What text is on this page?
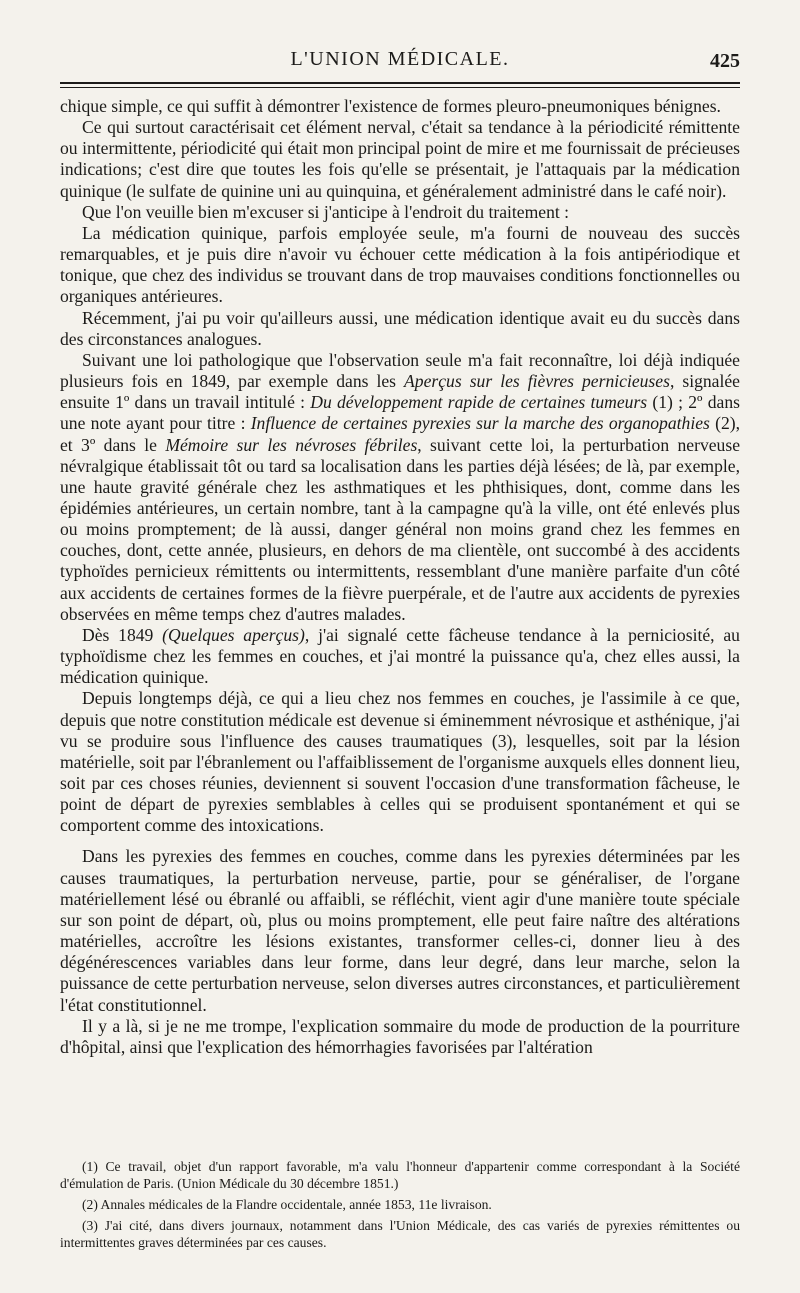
L'UNION MÉDICALE.	425

chique simple, ce qui suffit à démontrer l'existence de formes pleuro-pneumoniques bénignes.

Ce qui surtout caractérisait cet élément nerval, c'était sa tendance à la périodicité rémittente ou intermittente, périodicité qui était mon principal point de mire et me fournissait de précieuses indications; c'est dire que toutes les fois qu'elle se présentait, je l'attaquais par la médication quinique (le sulfate de quinine uni au quinquina, et généralement administré dans le café noir).

Que l'on veuille bien m'excuser si j'anticipe à l'endroit du traitement :

La médication quinique, parfois employée seule, m'a fourni de nouveau des succès remarquables, et je puis dire n'avoir vu échouer cette médication à la fois antipériodique et tonique, que chez des individus se trouvant dans de trop mauvaises conditions fonctionnelles ou organiques antérieures.

Récemment, j'ai pu voir qu'ailleurs aussi, une médication identique avait eu du succès dans des circonstances analogues.

Suivant une loi pathologique que l'observation seule m'a fait reconnaître, loi déjà indiquée plusieurs fois en 1849, par exemple dans les Aperçus sur les fièvres pernicieuses, signalée ensuite 1º dans un travail intitulé : Du développement rapide de certaines tumeurs (1) ; 2º dans une note ayant pour titre : Influence de certaines pyrexies sur la marche des organopathies (2), et 3º dans le Mémoire sur les névroses fébriles, suivant cette loi, la perturbation nerveuse névralgique établissait tôt ou tard sa localisation dans les parties déjà lésées; de là, par exemple, une haute gravité générale chez les asthmatiques et les phthisiques, dont, comme dans les épidémies antérieures, un certain nombre, tant à la campagne qu'à la ville, ont été enlevés plus ou moins promptement; de là aussi, danger général non moins grand chez les femmes en couches, dont, cette année, plusieurs, en dehors de ma clientèle, ont succombé à des accidents typhoïdes pernicieux rémittents ou intermittents, ressemblant d'une manière parfaite d'un côté aux accidents de certaines formes de la fièvre puerpérale, et de l'autre aux accidents de pyrexies observées en même temps chez d'autres malades.

Dès 1849 (Quelques aperçus), j'ai signalé cette fâcheuse tendance à la perniciosité, au typhoïdisme chez les femmes en couches, et j'ai montré la puissance qu'a, chez elles aussi, la médication quinique.

Depuis longtemps déjà, ce qui a lieu chez nos femmes en couches, je l'assimile à ce que, depuis que notre constitution médicale est devenue si éminemment névrosique et asthénique, j'ai vu se produire sous l'influence des causes traumatiques (3), lesquelles, soit par la lésion matérielle, soit par l'ébranlement ou l'affaiblissement de l'organisme auxquels elles donnent lieu, soit par ces choses réunies, deviennent si souvent l'occasion d'une transformation fâcheuse, le point de départ de pyrexies semblables à celles qui se produisent spontanément et qui se comportent comme des intoxications.

Dans les pyrexies des femmes en couches, comme dans les pyrexies déterminées par les causes traumatiques, la perturbation nerveuse, partie, pour se généraliser, de l'organe matériellement lésé ou ébranlé ou affaibli, se réfléchit, vient agir d'une manière toute spéciale sur son point de départ, où, plus ou moins promptement, elle peut faire naître des altérations matérielles, accroître les lésions existantes, transformer celles-ci, donner lieu à des dégénérescences variables dans leur forme, dans leur degré, dans leur marche, selon la puissance de cette perturbation nerveuse, selon diverses autres circonstances, et particulièrement l'état constitutionnel.

Il y a là, si je ne me trompe, l'explication sommaire du mode de production de la pourriture d'hôpital, ainsi que l'explication des hémorrhagies favorisées par l'altération

(1) Ce travail, objet d'un rapport favorable, m'a valu l'honneur d'appartenir comme correspondant à la Société d'émulation de Paris. (Union Médicale du 30 décembre 1851.)

(2) Annales médicales de la Flandre occidentale, année 1853, 11e livraison.

(3) J'ai cité, dans divers journaux, notamment dans l'Union Médicale, des cas variés de pyrexies rémittentes ou intermittentes graves déterminées par ces causes.
